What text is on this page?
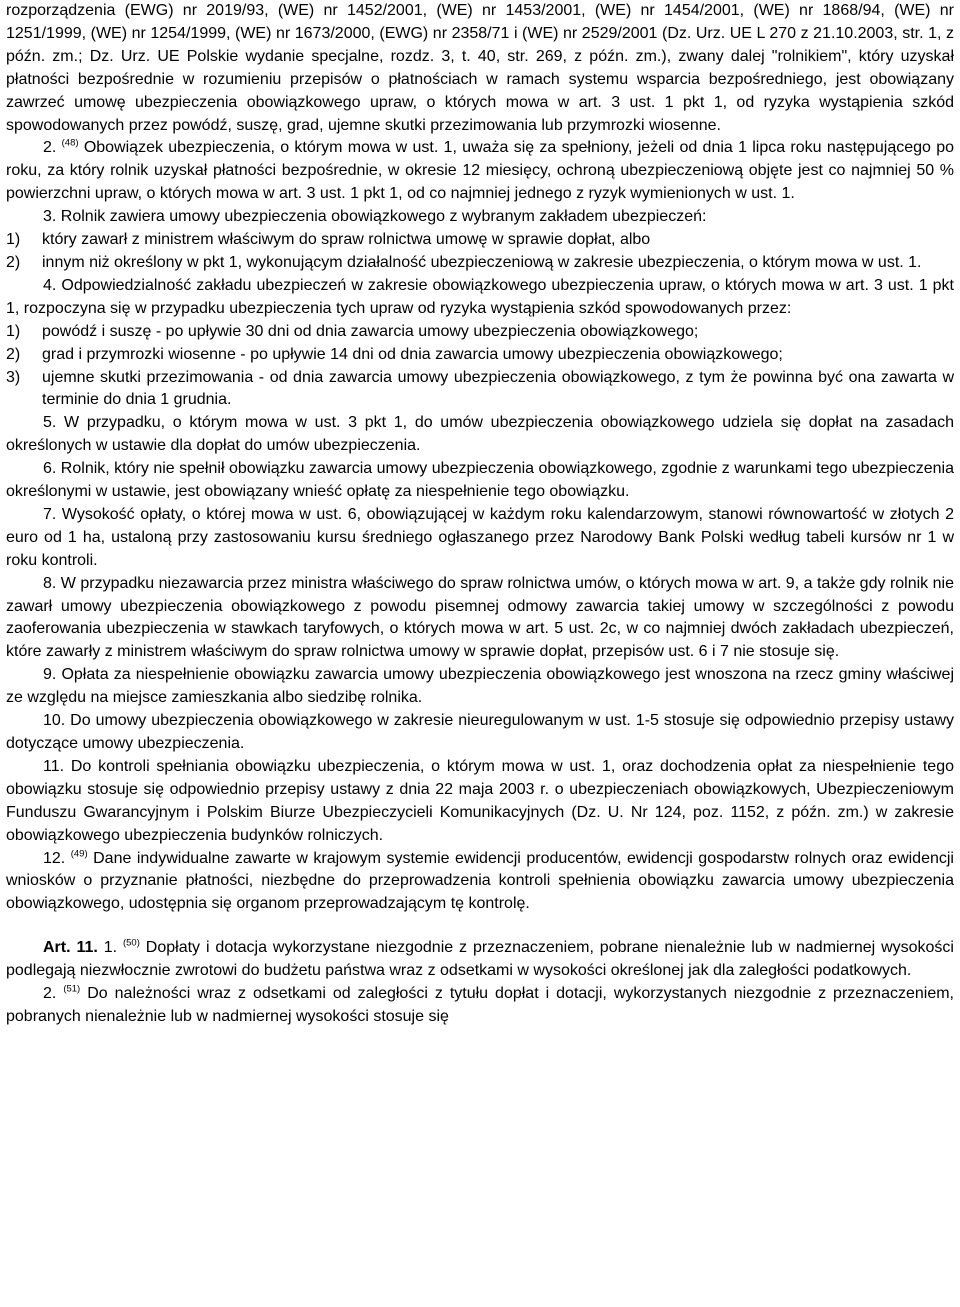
rozporządzenia (EWG) nr 2019/93, (WE) nr 1452/2001, (WE) nr 1453/2001, (WE) nr 1454/2001, (WE) nr 1868/94, (WE) nr 1251/1999, (WE) nr 1254/1999, (WE) nr 1673/2000, (EWG) nr 2358/71 i (WE) nr 2529/2001 (Dz. Urz. UE L 270 z 21.10.2003, str. 1, z późn. zm.; Dz. Urz. UE Polskie wydanie specjalne, rozdz. 3, t. 40, str. 269, z późn. zm.), zwany dalej "rolnikiem", który uzyskał płatności bezpośrednie w rozumieniu przepisów o płatnościach w ramach systemu wsparcia bezpośredniego, jest obowiązany zawrzeć umowę ubezpieczenia obowiązkowego upraw, o których mowa w art. 3 ust. 1 pkt 1, od ryzyka wystąpienia szkód spowodowanych przez powódź, suszę, grad, ujemne skutki przezimowania lub przymrozki wiosenne.

2. $^{(48)}$ Obowiązek ubezpieczenia, o którym mowa w ust. 1, uważa się za spełniony, jeżeli od dnia 1 lipca roku następującego po roku, za który rolnik uzyskał płatności bezpośrednie, w okresie 12 miesięcy, ochroną ubezpieczeniową objęte jest co najmniej 50 % powierzchni upraw, o których mowa w art. 3 ust. 1 pkt 1, od co najmniej jednego z ryzyk wymienionych w ust. 1.

3. Rolnik zawiera umowy ubezpieczenia obowiązkowego z wybranym zakładem ubezpieczeń:

1)	który zawarł z ministrem właściwym do spraw rolnictwa umowę w sprawie dopłat, albo
2)	innym niż określony w pkt 1, wykonującym działalność ubezpieczeniową w zakresie ubezpieczenia, o którym mowa w ust. 1.

4. Odpowiedzialność zakładu ubezpieczeń w zakresie obowiązkowego ubezpieczenia upraw, o których mowa w art. 3 ust. 1 pkt 1, rozpoczyna się w przypadku ubezpieczenia tych upraw od ryzyka wystąpienia szkód spowodowanych przez:

1)	powódź i suszę - po upływie 30 dni od dnia zawarcia umowy ubezpieczenia obowiązkowego;
2)	grad i przymrozki wiosenne - po upływie 14 dni od dnia zawarcia umowy ubezpieczenia obowiązkowego;
3)	ujemne skutki przezimowania - od dnia zawarcia umowy ubezpieczenia obowiązkowego, z tym że powinna być ona zawarta w terminie do dnia 1 grudnia.

5. W przypadku, o którym mowa w ust. 3 pkt 1, do umów ubezpieczenia obowiązkowego udziela się dopłat na zasadach określonych w ustawie dla dopłat do umów ubezpieczenia.

6. Rolnik, który nie spełnił obowiązku zawarcia umowy ubezpieczenia obowiązkowego, zgodnie z warunkami tego ubezpieczenia określonymi w ustawie, jest obowiązany wnieść opłatę za niespełnienie tego obowiązku.

7. Wysokość opłaty, o której mowa w ust. 6, obowiązującej w każdym roku kalendarzowym, stanowi równowartość w złotych 2 euro od 1 ha, ustaloną przy zastosowaniu kursu średniego ogłaszanego przez Narodowy Bank Polski według tabeli kursów nr 1 w roku kontroli.

8. W przypadku niezawarcia przez ministra właściwego do spraw rolnictwa umów, o których mowa w art. 9, a także gdy rolnik nie zawarł umowy ubezpieczenia obowiązkowego z powodu pisemnej odmowy zawarcia takiej umowy w szczególności z powodu zaoferowania ubezpieczenia w stawkach taryfowych, o których mowa w art. 5 ust. 2c, w co najmniej dwóch zakładach ubezpieczeń, które zawarły z ministrem właściwym do spraw rolnictwa umowy w sprawie dopłat, przepisów ust. 6 i 7 nie stosuje się.

9. Opłata za niespełnienie obowiązku zawarcia umowy ubezpieczenia obowiązkowego jest wnoszona na rzecz gminy właściwej ze względu na miejsce zamieszkania albo siedzibę rolnika.

10. Do umowy ubezpieczenia obowiązkowego w zakresie nieuregulowanym w ust. 1-5 stosuje się odpowiednio przepisy ustawy dotyczące umowy ubezpieczenia.

11. Do kontroli spełniania obowiązku ubezpieczenia, o którym mowa w ust. 1, oraz dochodzenia opłat za niespełnienie tego obowiązku stosuje się odpowiednio przepisy ustawy z dnia 22 maja 2003 r. o ubezpieczeniach obowiązkowych, Ubezpieczeniowym Funduszu Gwarancyjnym i Polskim Biurze Ubezpieczycieli Komunikacyjnych (Dz. U. Nr 124, poz. 1152, z późn. zm.) w zakresie obowiązkowego ubezpieczenia budynków rolniczych.

12. $^{(49)}$ Dane indywidualne zawarte w krajowym systemie ewidencji producentów, ewidencji gospodarstw rolnych oraz ewidencji wniosków o przyznanie płatności, niezbędne do przeprowadzenia kontroli spełnienia obowiązku zawarcia umowy ubezpieczenia obowiązkowego, udostępnia się organom przeprowadzającym tę kontrolę.

Art. 11. 1. $^{(50)}$ Dopłaty i dotacja wykorzystane niezgodnie z przeznaczeniem, pobrane nienależnie lub w nadmiernej wysokości podlegają niezwłocznie zwrotowi do budżetu państwa wraz z odsetkami w wysokości określonej jak dla zaległości podatkowych.

2. $^{(51)}$ Do należności wraz z odsetkami od zaległości z tytułu dopłat i dotacji, wykorzystanych niezgodnie z przeznaczeniem, pobranych nienależnie lub w nadmiernej wysokości stosuje się
